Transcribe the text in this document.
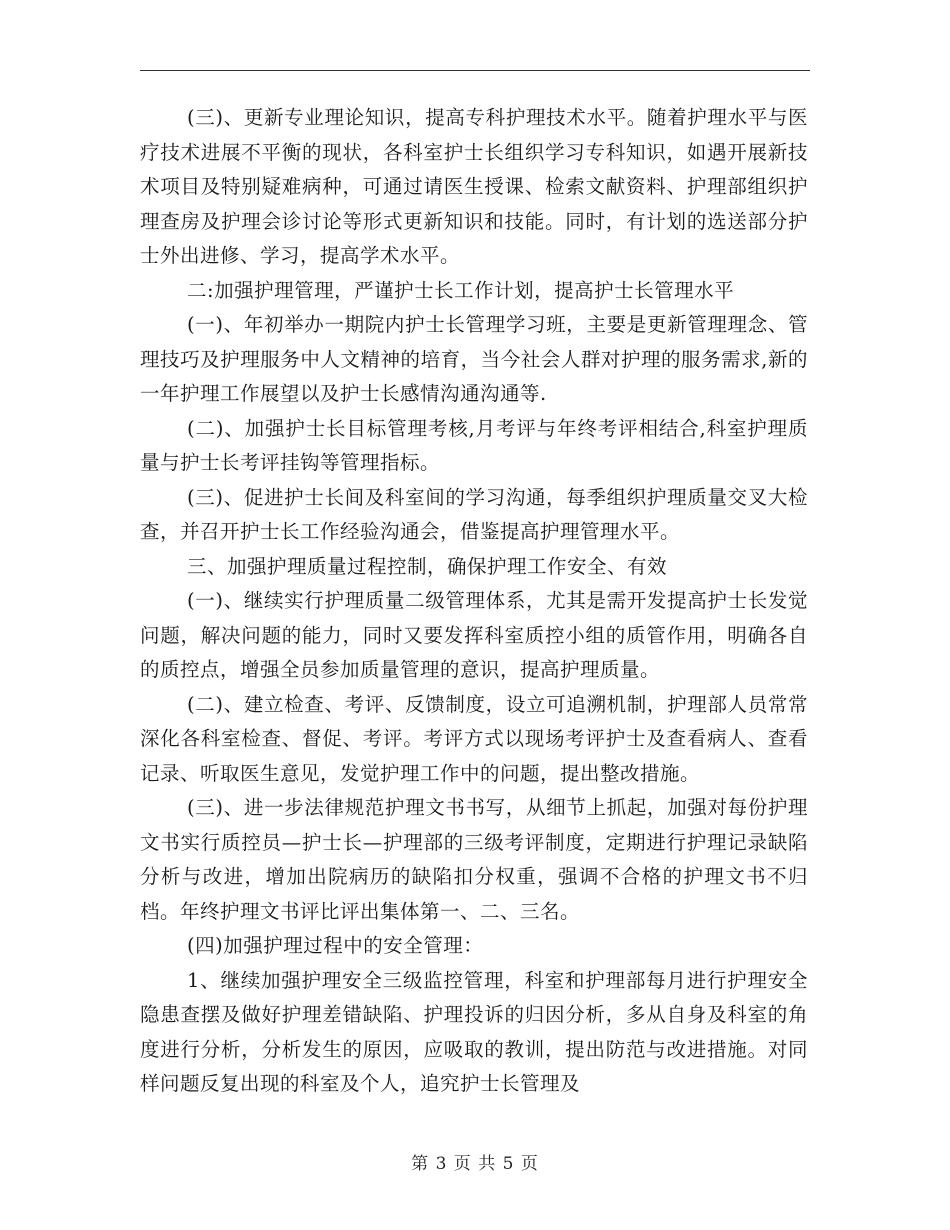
(三)、更新专业理论知识，提高专科护理技术水平。随着护理水平与医疗技术进展不平衡的现状，各科室护士长组织学习专科知识，如遇开展新技术项目及特别疑难病种，可通过请医生授课、检索文献资料、护理部组织护理查房及护理会诊讨论等形式更新知识和技能。同时，有计划的选送部分护士外出进修、学习，提高学术水平。

二:加强护理管理，严谨护士长工作计划，提高护士长管理水平

(一)、年初举办一期院内护士长管理学习班，主要是更新管理理念、管理技巧及护理服务中人文精神的培育，当今社会人群对护理的服务需求,新的一年护理工作展望以及护士长感情沟通沟通等.

(二)、加强护士长目标管理考核,月考评与年终考评相结合,科室护理质量与护士长考评挂钩等管理指标。

(三)、促进护士长间及科室间的学习沟通，每季组织护理质量交叉大检查，并召开护士长工作经验沟通会，借鉴提高护理管理水平。

三、加强护理质量过程控制，确保护理工作安全、有效

(一)、继续实行护理质量二级管理体系，尤其是需开发提高护士长发觉问题，解决问题的能力，同时又要发挥科室质控小组的质管作用，明确各自的质控点，增强全员参加质量管理的意识，提高护理质量。

(二)、建立检查、考评、反馈制度，设立可追溯机制，护理部人员常常深化各科室检查、督促、考评。考评方式以现场考评护士及查看病人、查看记录、听取医生意见，发觉护理工作中的问题，提出整改措施。

(三)、进一步法律规范护理文书书写，从细节上抓起，加强对每份护理文书实行质控员—护士长—护理部的三级考评制度，定期进行护理记录缺陷分析与改进，增加出院病历的缺陷扣分权重，强调不合格的护理文书不归档。年终护理文书评比评出集体第一、二、三名。

(四)加强护理过程中的安全管理：

1、继续加强护理安全三级监控管理，科室和护理部每月进行护理安全隐患查摆及做好护理差错缺陷、护理投诉的归因分析，多从自身及科室的角度进行分析，分析发生的原因，应吸取的教训，提出防范与改进措施。对同样问题反复出现的科室及个人，追究护士长管理及

第 3 页 共 5 页
